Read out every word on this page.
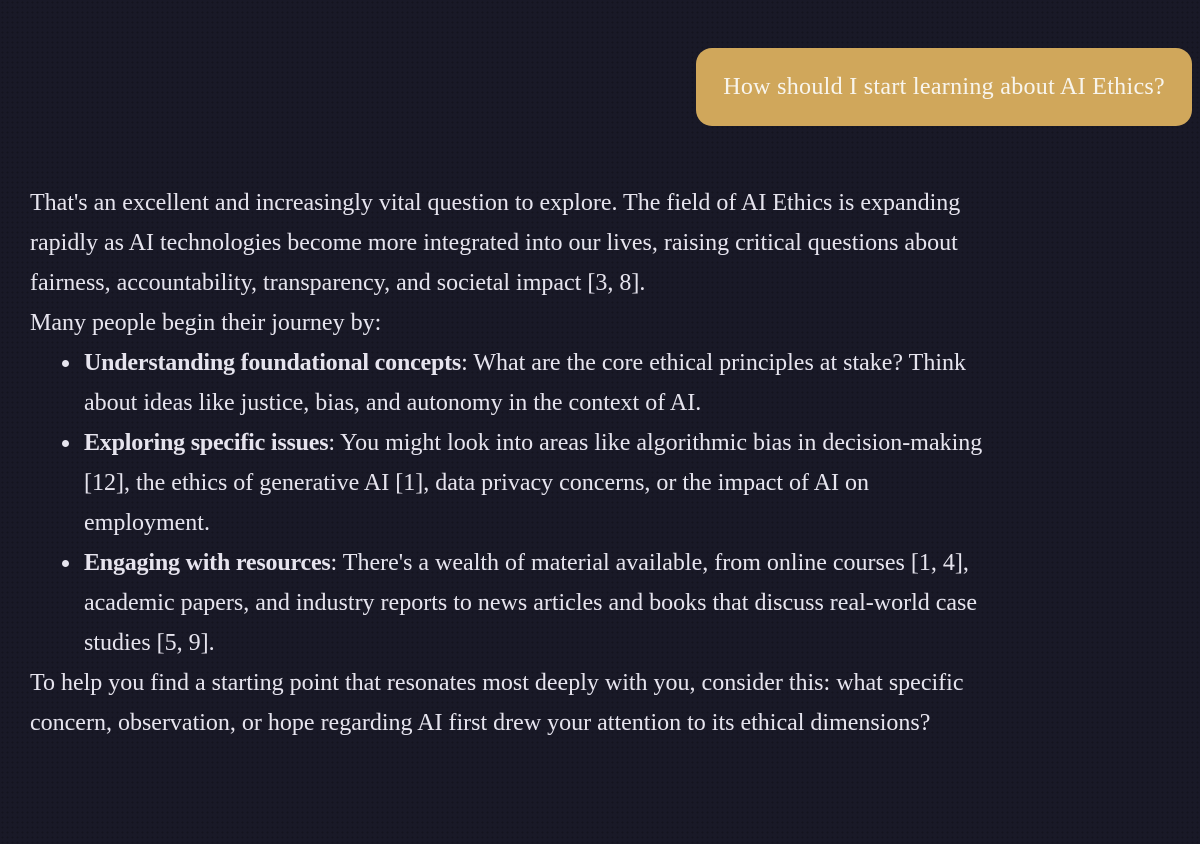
How should I start learning about AI Ethics?

That's an excellent and increasingly vital question to explore. The field of AI Ethics is expanding rapidly as AI technologies become more integrated into our lives, raising critical questions about fairness, accountability, transparency, and societal impact [3, 8].

Many people begin their journey by:

Understanding foundational concepts: What are the core ethical principles at stake? Think about ideas like justice, bias, and autonomy in the context of AI.
Exploring specific issues: You might look into areas like algorithmic bias in decision-making [12], the ethics of generative AI [1], data privacy concerns, or the impact of AI on employment.
Engaging with resources: There's a wealth of material available, from online courses [1, 4], academic papers, and industry reports to news articles and books that discuss real-world case studies [5, 9].

To help you find a starting point that resonates most deeply with you, consider this: what specific concern, observation, or hope regarding AI first drew your attention to its ethical dimensions?
